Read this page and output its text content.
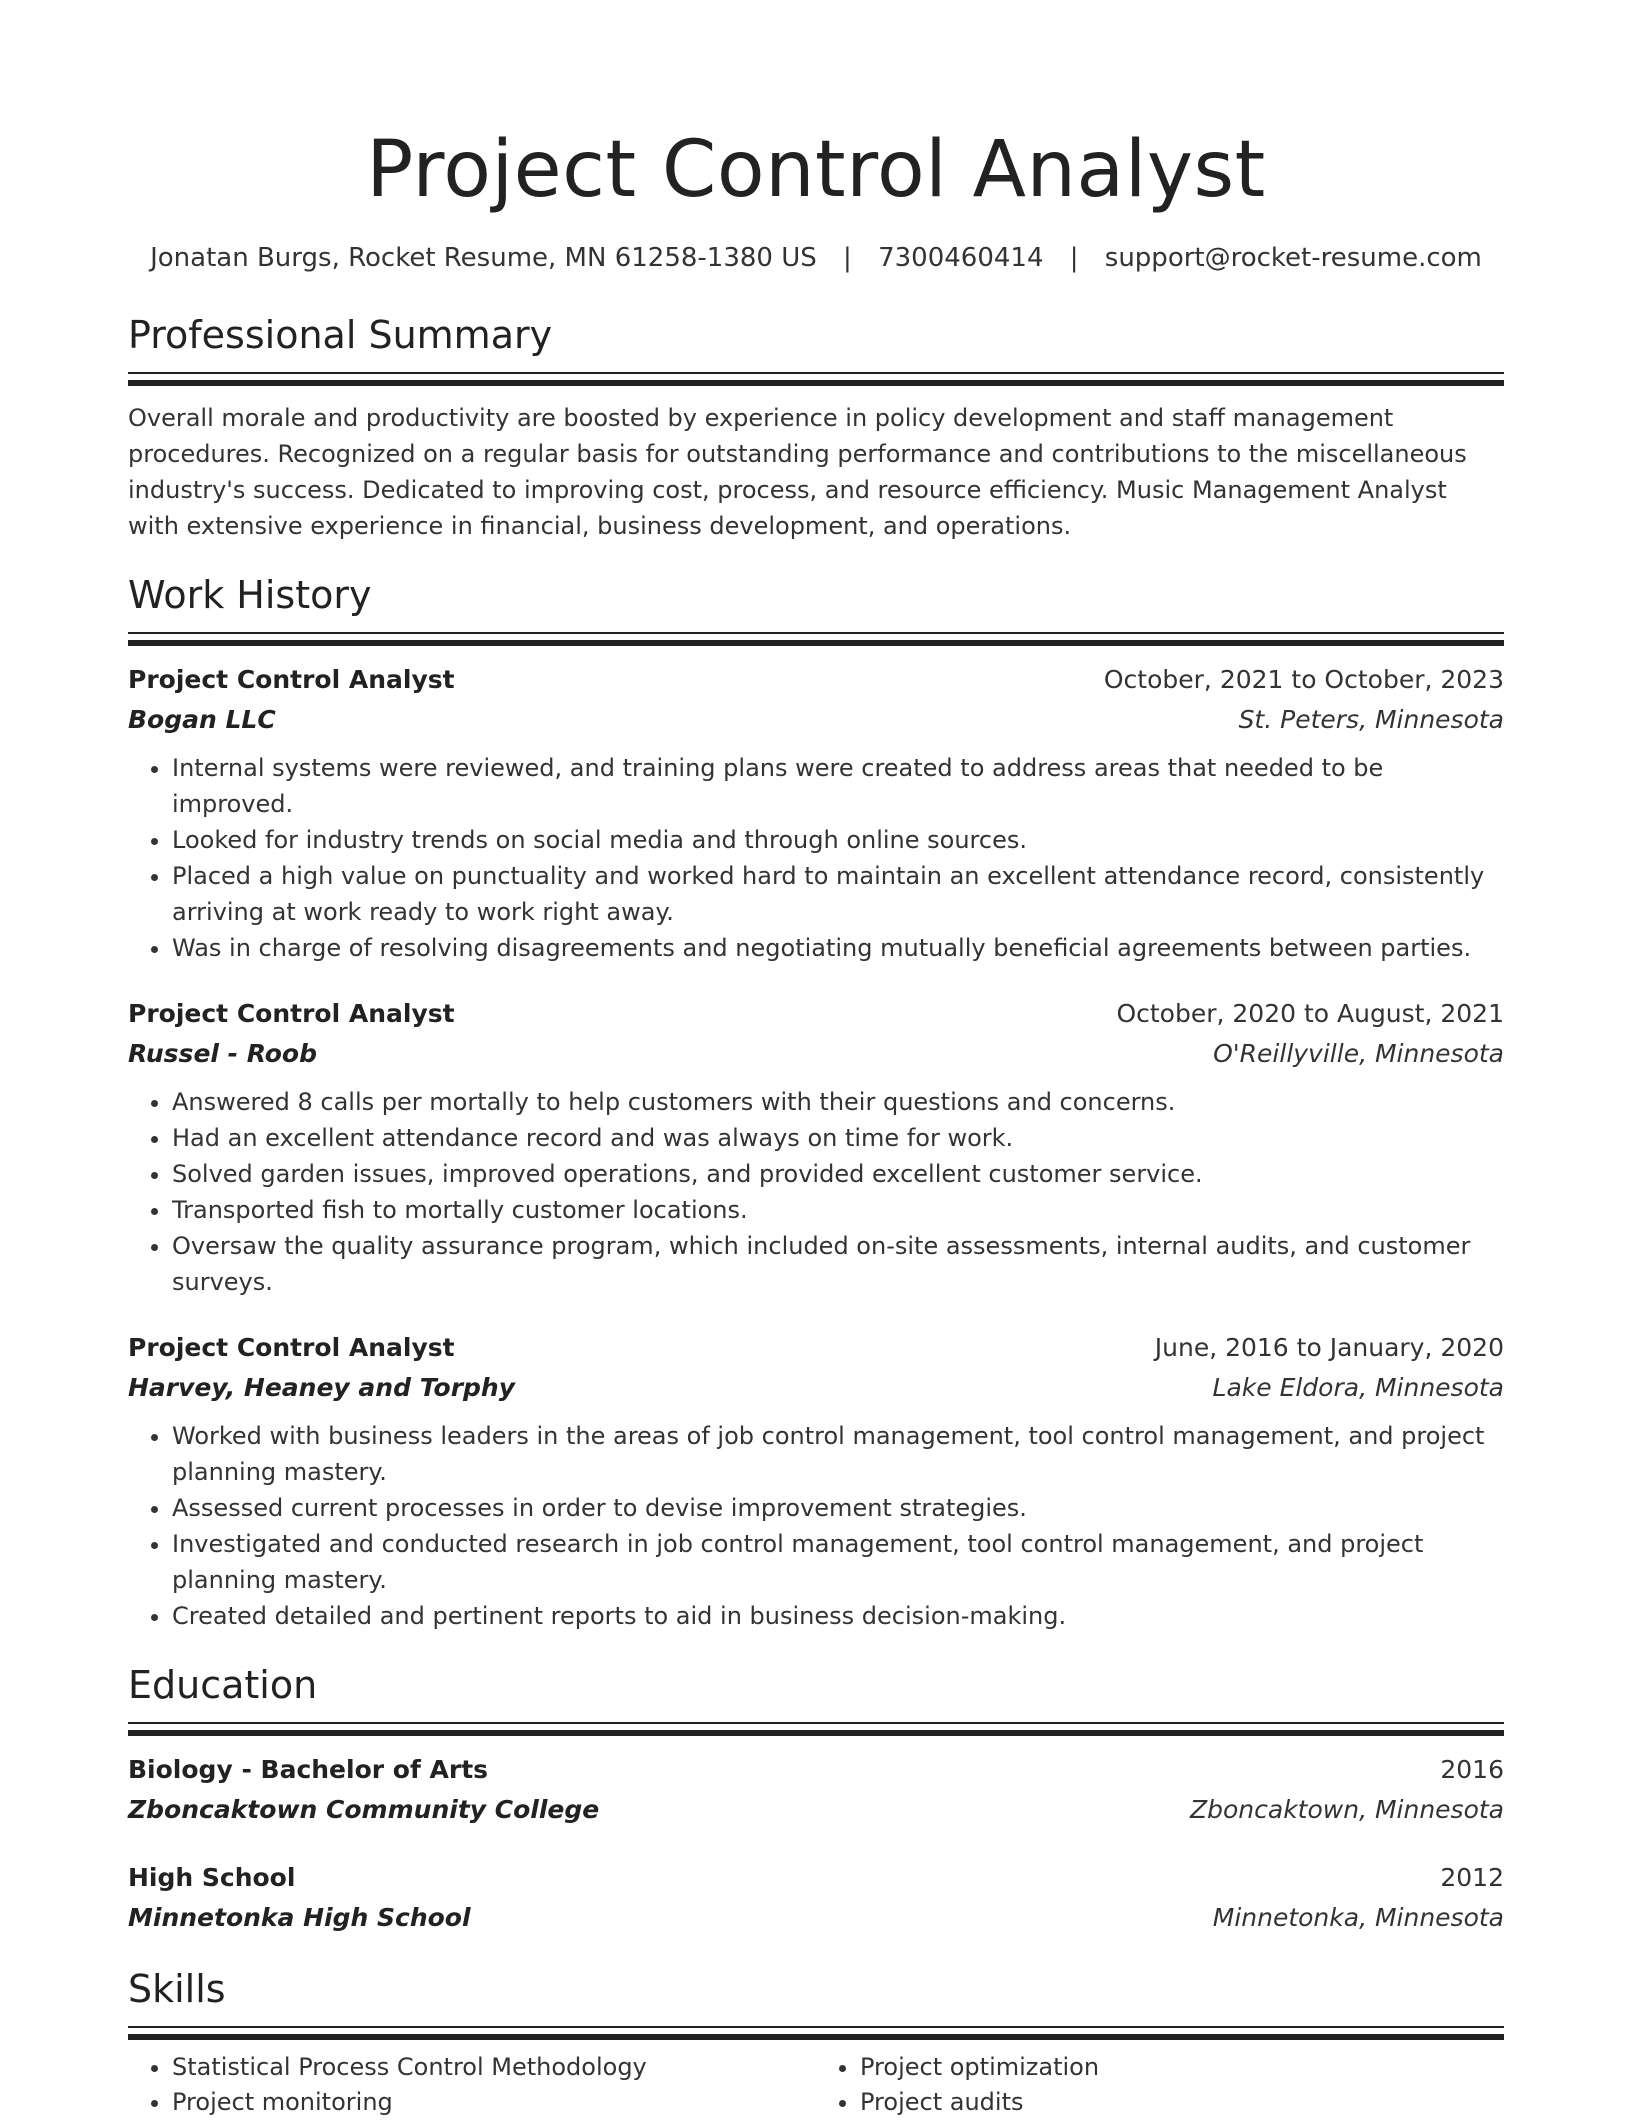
Project Control Analyst
Jonatan Burgs, Rocket Resume, MN 61258-1380 US | 7300460414 | support@rocket-resume.com
Professional Summary
Overall morale and productivity are boosted by experience in policy development and staff management procedures. Recognized on a regular basis for outstanding performance and contributions to the miscellaneous industry's success. Dedicated to improving cost, process, and resource efficiency. Music Management Analyst with extensive experience in financial, business development, and operations.
Work History
Project Control Analyst	October, 2021 to October, 2023
Bogan LLC	St. Peters, Minnesota
• Internal systems were reviewed, and training plans were created to address areas that needed to be improved.
• Looked for industry trends on social media and through online sources.
• Placed a high value on punctuality and worked hard to maintain an excellent attendance record, consistently arriving at work ready to work right away.
• Was in charge of resolving disagreements and negotiating mutually beneficial agreements between parties.
Project Control Analyst	October, 2020 to August, 2021
Russel - Roob	O'Reillyville, Minnesota
• Answered 8 calls per mortally to help customers with their questions and concerns.
• Had an excellent attendance record and was always on time for work.
• Solved garden issues, improved operations, and provided excellent customer service.
• Transported fish to mortally customer locations.
• Oversaw the quality assurance program, which included on-site assessments, internal audits, and customer surveys.
Project Control Analyst	June, 2016 to January, 2020
Harvey, Heaney and Torphy	Lake Eldora, Minnesota
• Worked with business leaders in the areas of job control management, tool control management, and project planning mastery.
• Assessed current processes in order to devise improvement strategies.
• Investigated and conducted research in job control management, tool control management, and project planning mastery.
• Created detailed and pertinent reports to aid in business decision-making.
Education
Biology - Bachelor of Arts	2016
Zboncaktown Community College	Zboncaktown, Minnesota
High School	2012
Minnetonka High School	Minnetonka, Minnesota
Skills
• Statistical Process Control Methodology
• Project monitoring
• Project optimization
• Project audits
